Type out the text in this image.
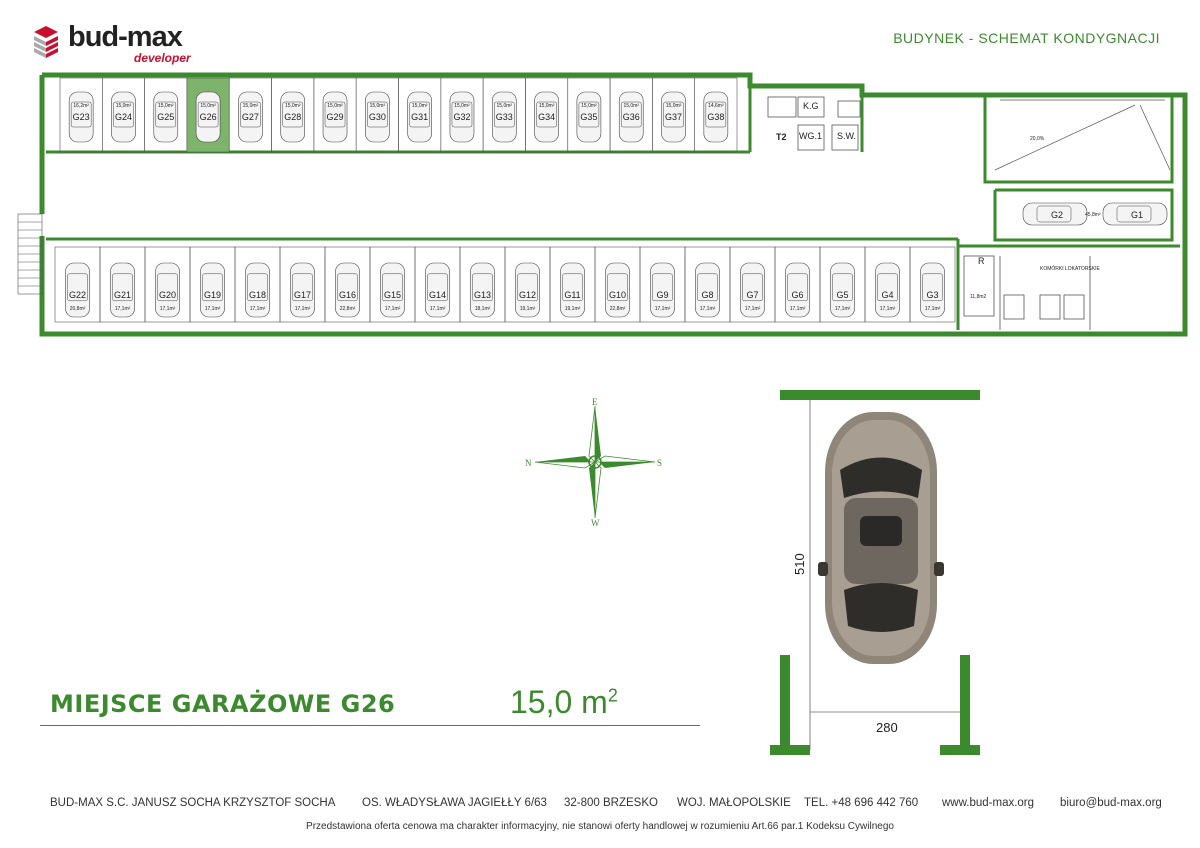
bud-max
developer
BUDYNEK - SCHEMAT KONDYGNACJI
G23
16,2m²
G24
15,0m²
G25
15,0m²
G26
15,0m²
G27
15,0m²
G28
15,0m²
G29
15,0m²
G30
15,0m²
G31
15,0m²
G32
15,0m²
G33
15,0m²
G34
15,0m²
G35
15,0m²
G36
15,0m²
G37
15,0m²
G38
14,6m²
G22
20,8m²
G21
17,1m²
G20
17,1m²
G19
17,1m²
G18
17,1m²
G17
17,1m²
G16
22,8m²
G15
17,1m²
G14
17,1m²
G13
18,1m²
G12
19,1m²
G11
19,1m²
G10
22,8m²
G9
17,1m²
G8
17,1m²
G7
17,1m²
G6
17,1m²
G5
17,1m²
G4
17,1m²
G3
17,1m²
T2
K.G
WG.1 S.W.
R
11,8m2
KOMÓRKI LOKATORSKIE
20,0%
G2	G1
45,8m²
E
W
N	S
510
280
MIEJSCE GARAŻOWE G26	15,0 $m^2$
BUD-MAX S.C. JANUSZ SOCHA KRZYSZTOF SOCHA OS. WŁADYSŁAWA JAGIEŁŁY 6/63 32-800 BRZESKO WOJ. MAŁOPOLSKIE TEL. +48 696 442 760 www.bud-max.org biuro@bud-max.org
Przedstawiona oferta cenowa ma charakter informacyjny, nie stanowi oferty handlowej w rozumieniu Art.66 par.1 Kodeksu Cywilnego
